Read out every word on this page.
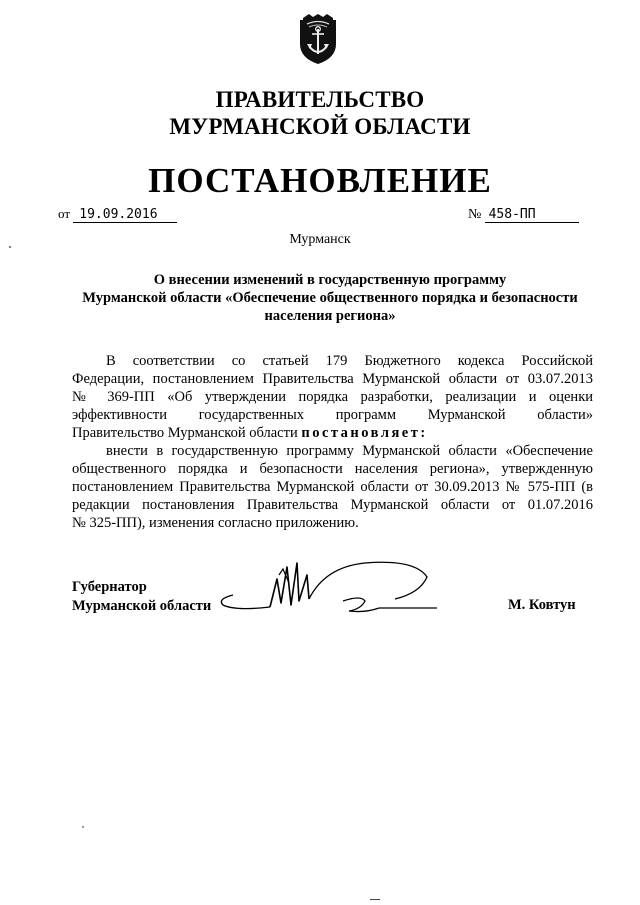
ПРАВИТЕЛЬСТВО
МУРМАНСКОЙ ОБЛАСТИ
ПОСТАНОВЛЕНИЕ
от 19.09.2016	№ 458-ПП
Мурманск
О внесении изменений в государственную программу
Мурманской области «Обеспечение общественного порядка и безопасности
населения региона»

В соответствии со статьей 179 Бюджетного кодекса Российской
Федерации, постановлением Правительства Мурманской области от 03.07.2013
№ 369-ПП «Об утверждении порядка разработки, реализации и оценки
эффективности государственных программ Мурманской области»
Правительство Мурманской области постановляет:

внести в государственную программу Мурманской области «Обеспечение
общественного порядка и безопасности населения региона», утвержденную
постановлением Правительства Мурманской области от 30.09.2013 № 575-ПП (в
редакции постановления Правительства Мурманской области от 01.07.2016
№ 325-ПП), изменения согласно приложению.

Губернатор
Мурманской области	М. Ковтун
